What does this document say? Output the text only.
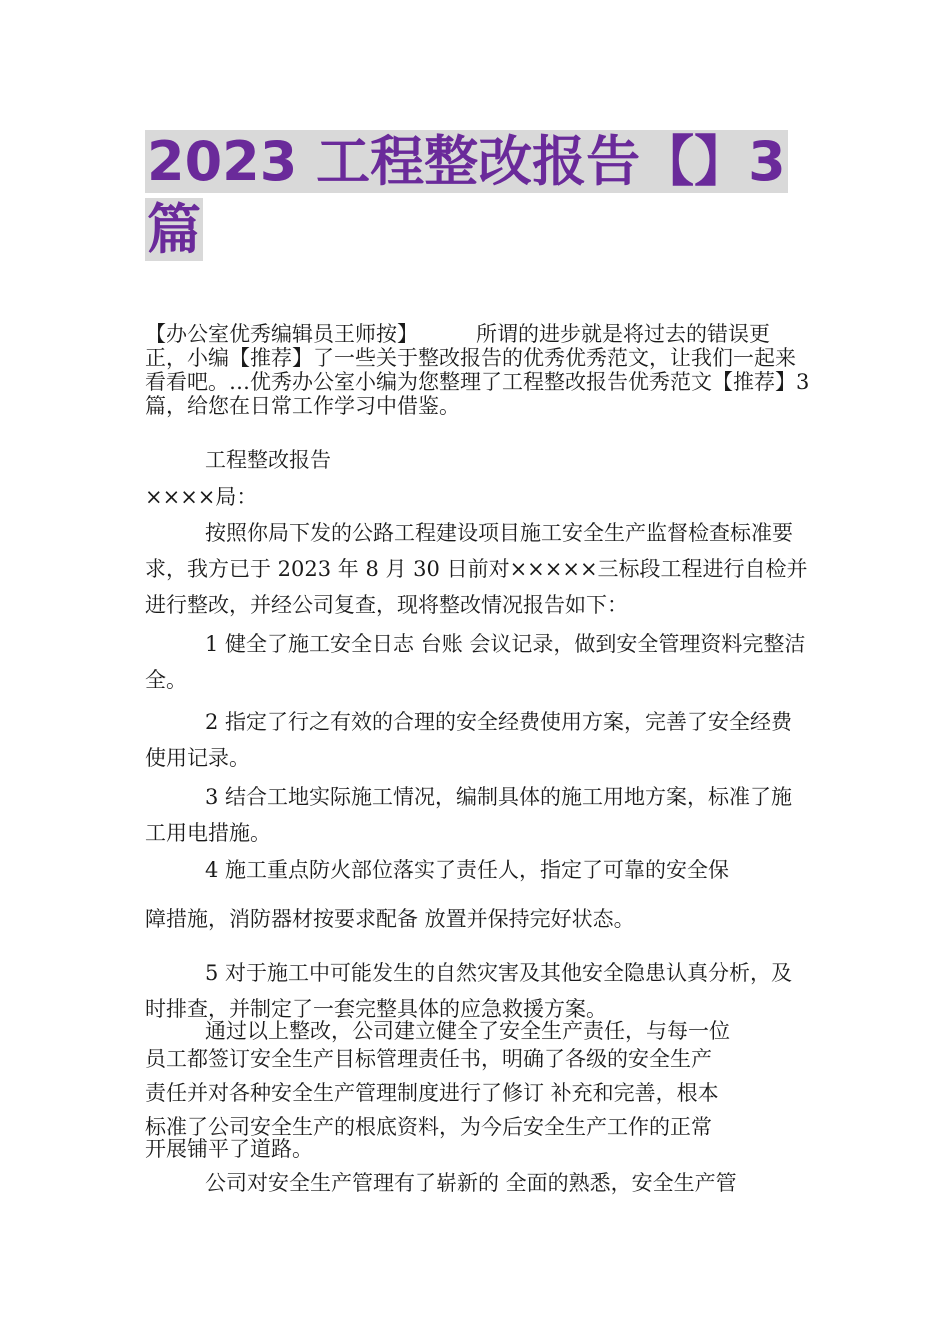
2023 工程整改报告【】3
篇

【办公室优秀编辑员王师按】	所谓的进步就是将过去的错误更正，小编【推荐】了一些关于整改报告的优秀优秀范文，让我们一起来看看吧。…优秀办公室小编为您整理了工程整改报告优秀范文【推荐】3 篇，给您在日常工作学习中借鉴。

工程整改报告

××××局：

按照你局下发的公路工程建设项目施工安全生产监督检查标准要求，我方已于 2023 年 8 月 30 日前对×××××三标段工程进行自检并进行整改，并经公司复查，现将整改情况报告如下：

1 健全了施工安全日志 台账 会议记录，做到安全管理资料完整洁全。

2 指定了行之有效的合理的安全经费使用方案，完善了安全经费使用记录。

3 结合工地实际施工情况，编制具体的施工用地方案，标准了施工用电措施。

4 施工重点防火部位落实了责任人，指定了可靠的安全保

障措施，消防器材按要求配备 放置并保持完好状态。

5 对于施工中可能发生的自然灾害及其他安全隐患认真分析，及时排查，并制定了一套完整具体的应急救援方案。

通过以上整改，公司建立健全了安全生产责任，与每一位
员工都签订安全生产目标管理责任书，明确了各级的安全生产
责任并对各种安全生产管理制度进行了修订 补充和完善，根本
标准了公司安全生产的根底资料，为今后安全生产工作的正常
开展铺平了道路。

公司对安全生产管理有了崭新的 全面的熟悉，安全生产管
